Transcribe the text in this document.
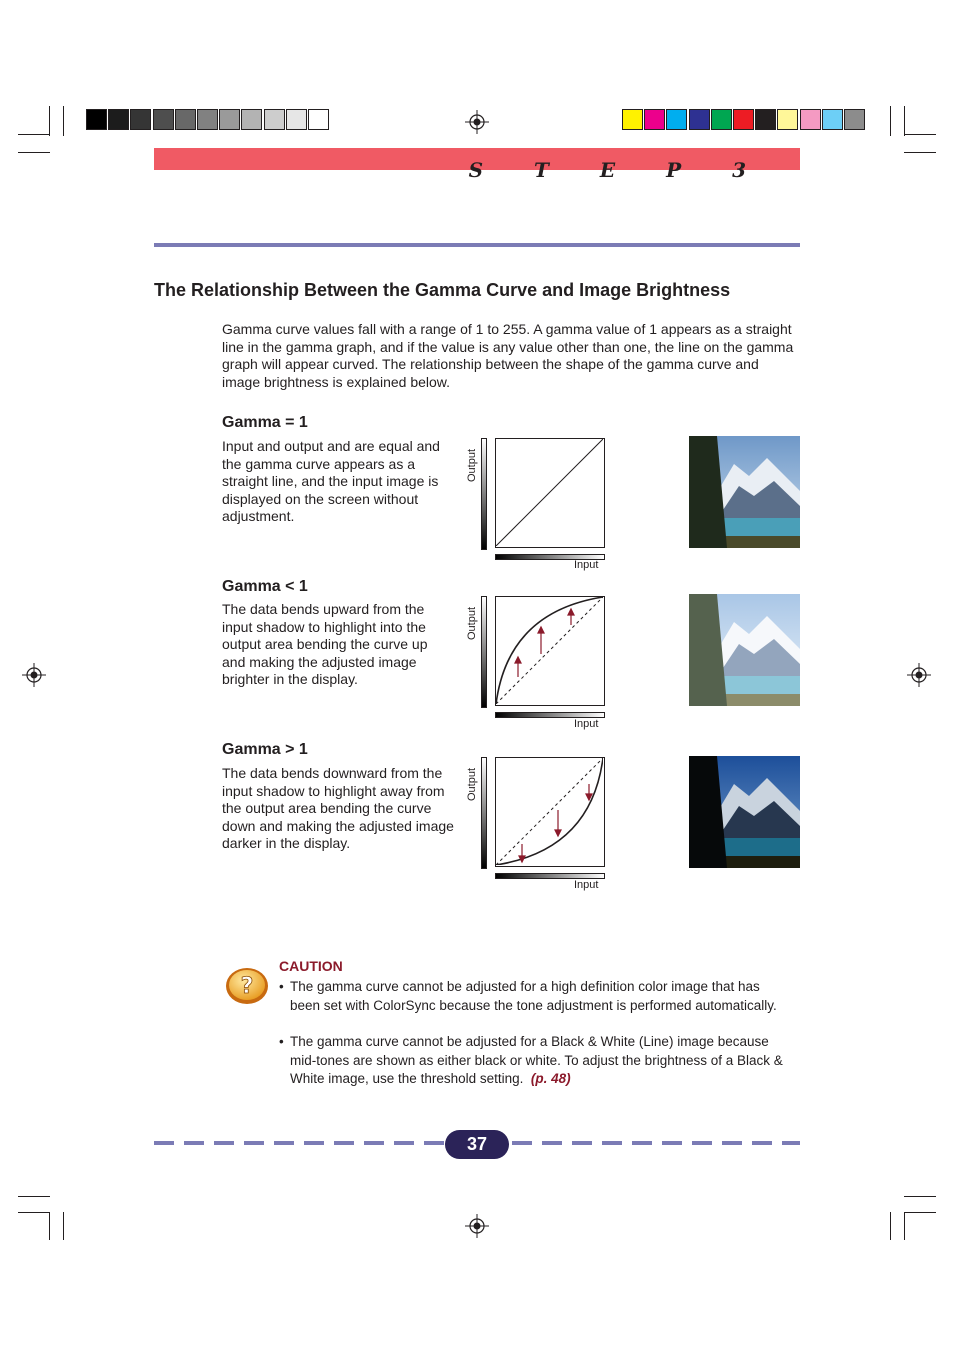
S T E P 3
The Relationship Between the Gamma Curve and Image Brightness
Gamma curve values fall with a range of 1 to 255. A gamma value of 1 appears as a straight line in the gamma graph, and if the value is any value other than one, the line on the gamma graph will appear curved. The relationship between the shape of the gamma curve and image brightness is explained below.
Gamma = 1
Input and output and are equal and the gamma curve appears as a straight line, and the input image is displayed on the screen without adjustment.
Output
Input
Gamma < 1
The data bends upward from the input shadow to highlight into the output area bending the curve up and making the adjusted image brighter in the display.
Output
Input
Gamma > 1
The data bends downward from the input shadow to highlight away from the output area bending the curve down and making the adjusted image darker in the display.
Output
Input
?
CAUTION
• The gamma curve cannot be adjusted for a high definition color image that has been set with ColorSync because the tone adjustment is performed automatically.
• The gamma curve cannot be adjusted for a Black & White (Line) image because mid-tones are shown as either black or white. To adjust the brightness of a Black & White image, use the threshold setting. (p. 48)
37
